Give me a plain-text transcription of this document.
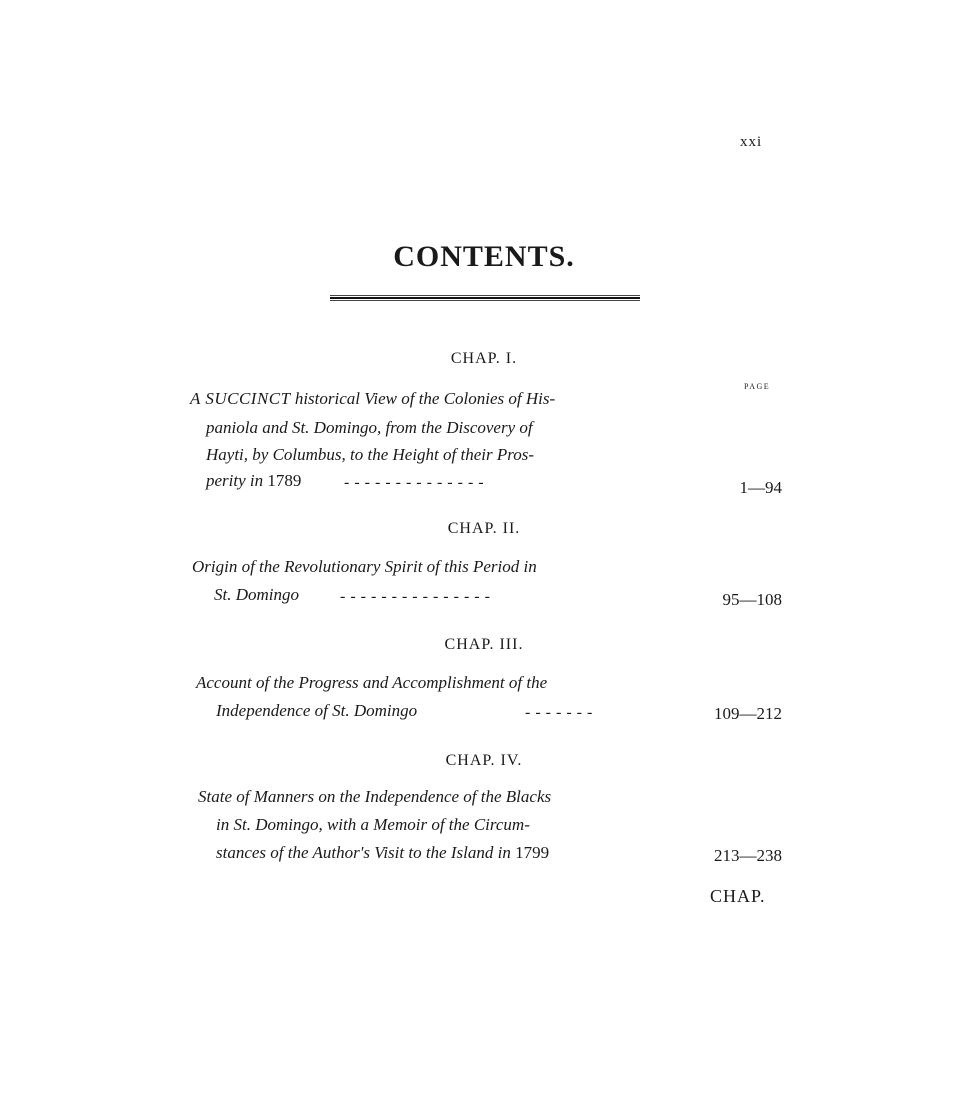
xxi
CONTENTS.
PAGE
CHAP. I.
A SUCCINCT historical View of the Colonies of His-
paniola and St. Domingo, from the Discovery of
Hayti, by Columbus, to the Height of their Pros-
perity in 1789	- - - - - - - - - - - - - -	1—94
CHAP. II.
Origin of the Revolutionary Spirit of this Period in
St. Domingo	- - - - - - - - - - - - - - -	95—108
CHAP. III.
Account of the Progress and Accomplishment of the
Independence of St. Domingo	- - - - - - -	109—212
CHAP. IV.
State of Manners on the Independence of the Blacks
in St. Domingo, with a Memoir of the Circum-
stances of the Author's Visit to the Island in 1799	213—238
CHAP.
